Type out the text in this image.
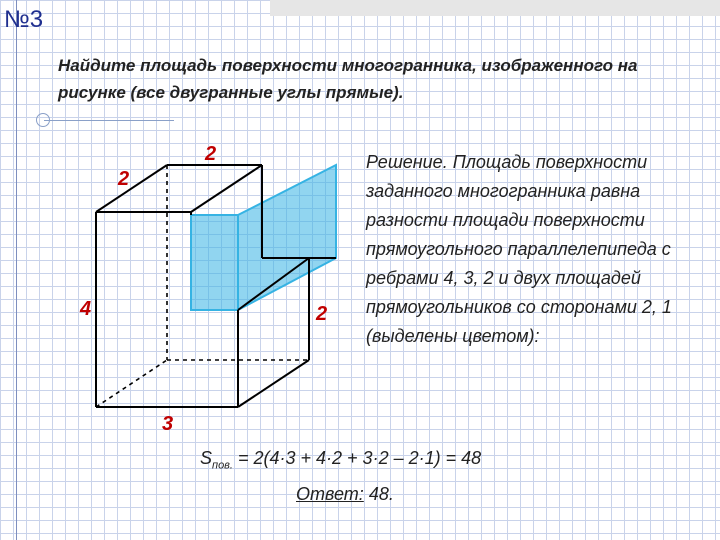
№3

Найдите площадь поверхности многогранника, изображенного на рисунке (все двугранные углы прямые).

2
2
4	2
3

Решение. Площадь поверхности заданного многогранника равна разности площади поверхности прямоугольного параллелепипеда с ребрами 4, 3, 2 и двух площадей прямоугольников со сторонами 2, 1 (выделены цветом):

$S_{пов.} = 2(4\cdot 3 + 4\cdot 2 + 3\cdot 2 - 2\cdot 1) = 48$

Ответ: 48.
